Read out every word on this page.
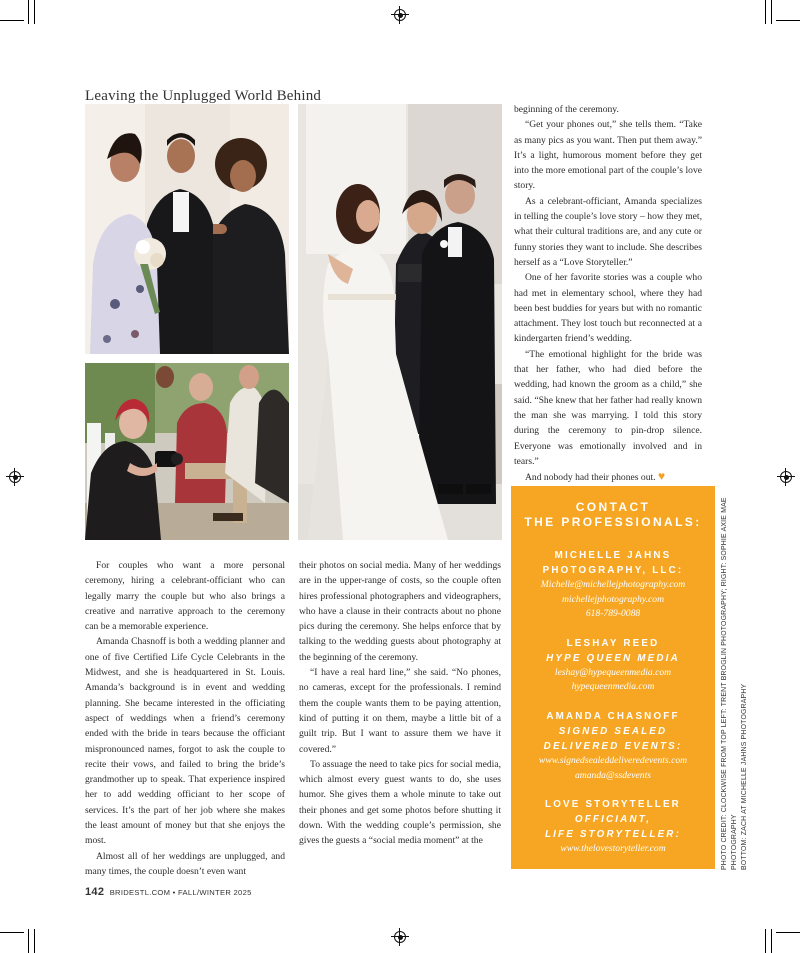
Leaving the Unplugged World Behind

beginning of the ceremony.

“Get your phones out,” she tells them. “Take as many pics as you want. Then put them away.” It’s a light, humorous moment before they get into the more emotional part of the couple’s love story.

As a celebrant-officiant, Amanda specializes in telling the couple’s love story – how they met, what their cultural traditions are, and any cute or funny stories they want to include. She describes herself as a “Love Storyteller.”

One of her favorite stories was a couple who had met in elementary school, where they had been best buddies for years but with no romantic attachment. They lost touch but reconnected at a kindergarten friend’s wedding.

“The emotional highlight for the bride was that her father, who had died before the wedding, had known the groom as a child,” she said. “She knew that her father had really known the man she was marrying. I told this story during the ceremony to pin-drop silence. Everyone was emotionally involved and in tears.”

And nobody had their phones out. ♥

For couples who want a more personal ceremony, hiring a celebrant-officiant who can legally marry the couple but who also brings a creative and narrative approach to the ceremony can be a memorable experience.

Amanda Chasnoff is both a wedding planner and one of five Certified Life Cycle Celebrants in the Midwest, and she is headquartered in St. Louis. Amanda’s background is in event and wedding planning. She became interested in the officiating aspect of weddings when a friend’s ceremony ended with the bride in tears because the officiant mispronounced names, forgot to ask the couple to recite their vows, and failed to bring the bride’s grandmother up to speak. That experience inspired her to add wedding officiant to her scope of services. It’s the part of her job where she makes the least amount of money but that she enjoys the most.

Almost all of her weddings are unplugged, and many times, the couple doesn’t even want

their photos on social media. Many of her weddings are in the upper-range of costs, so the couple often hires professional photographers and videographers, who have a clause in their contracts about no phone pics during the ceremony. She helps enforce that by talking to the wedding guests about photography at the beginning of the ceremony.

“I have a real hard line,” she said. “No phones, no cameras, except for the professionals. I remind them the couple wants them to be paying attention, kind of putting it on them, maybe a little bit of a guilt trip. But I want to assure them we have it covered.”

To assuage the need to take pics for social media, which almost every guest wants to do, she uses humor. She gives them a whole minute to take out their phones and get some photos before shutting it down. With the wedding couple’s permission, she gives the guests a “social media moment” at the

CONTACT
THE PROFESSIONALS:
MICHELLE JAHNS
PHOTOGRAPHY, LLC:
Michelle@michellejphotography.com
michellejphotography.com
618-789-0088
LESHAY REED
HYPE QUEEN MEDIA
leshay@hypequeenmedia.com
hypequeenmedia.com
AMANDA CHASNOFF
SIGNED SEALED
DELIVERED EVENTS:
www.signedsealeddeliveredevents.com
amanda@ssdevents
LOVE STORYTELLER
OFFICIANT,
LIFE STORYTELLER:
www.thelovestoryteller.com	PHOTO CREDIT: CLOCKWISE FROM TOP LEFT: TRENT BROGLIN PHOTOGRAPHY; RIGHT: SOPHIE AXIE MAE PHOTOGRAPHY BOTTOM: ZACH AT MICHELLE JAHNS PHOTOGRAPHY
142 BRIDESTL.COM • FALL/WINTER 2025
